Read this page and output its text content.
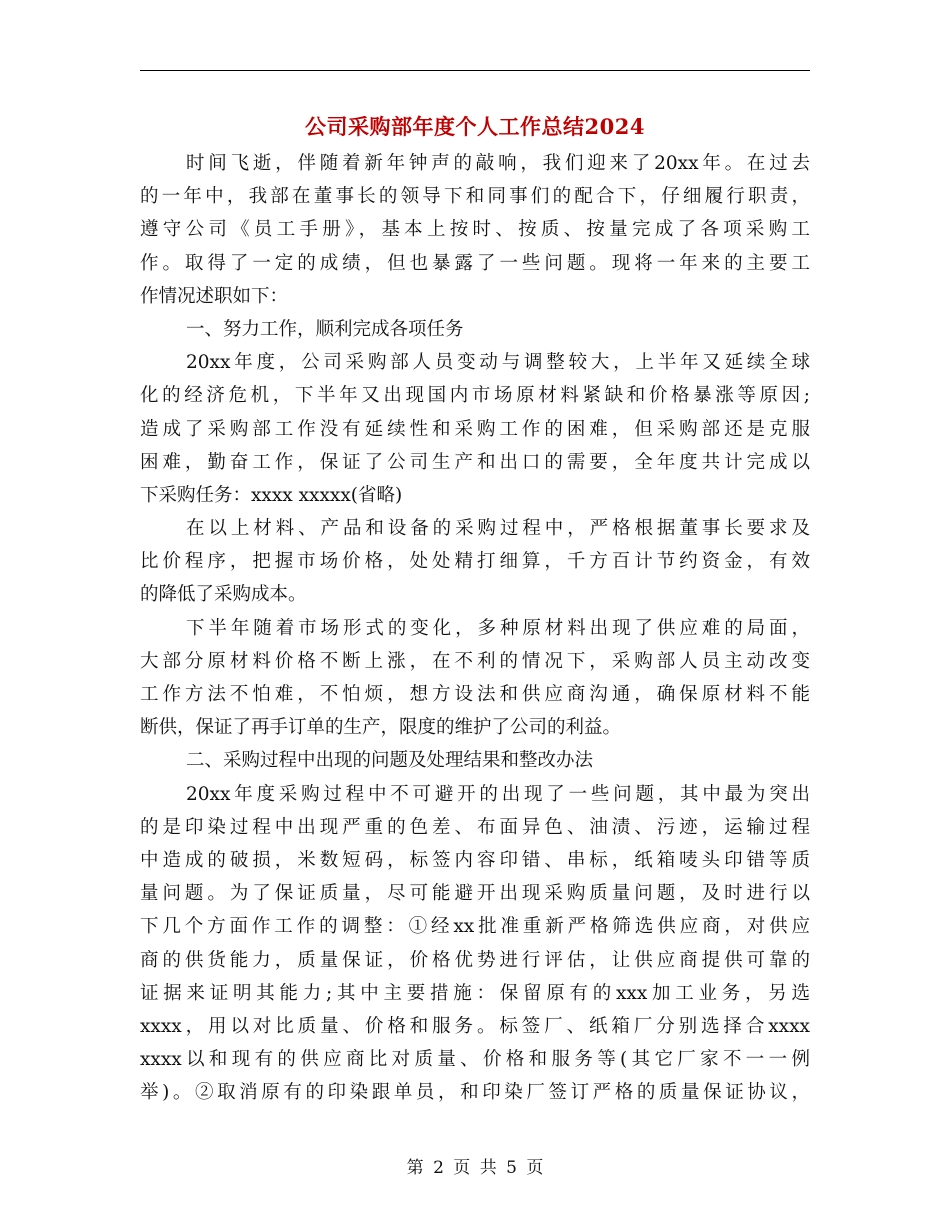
公司采购部年度个人工作总结2024
时间飞逝，伴随着新年钟声的敲响，我们迎来了20xx年。在过去
的一年中，我部在董事长的领导下和同事们的配合下，仔细履行职责，
遵守公司《员工手册》，基本上按时、按质、按量完成了各项采购工
作。取得了一定的成绩，但也暴露了一些问题。现将一年来的主要工
作情况述职如下：
一、努力工作，顺利完成各项任务
20xx年度，公司采购部人员变动与调整较大，上半年又延续全球
化的经济危机，下半年又出现国内市场原材料紧缺和价格暴涨等原因;
造成了采购部工作没有延续性和采购工作的困难，但采购部还是克服
困难，勤奋工作，保证了公司生产和出口的需要，全年度共计完成以
下采购任务：xxxx xxxxx(省略)
在以上材料、产品和设备的采购过程中，严格根据董事长要求及
比价程序，把握市场价格，处处精打细算，千方百计节约资金，有效
的降低了采购成本。
下半年随着市场形式的变化，多种原材料出现了供应难的局面，
大部分原材料价格不断上涨，在不利的情况下，采购部人员主动改变
工作方法不怕难，不怕烦，想方设法和供应商沟通，确保原材料不能
断供，保证了再手订单的生产，限度的维护了公司的利益。
二、采购过程中出现的问题及处理结果和整改办法
20xx年度采购过程中不可避开的出现了一些问题，其中最为突出
的是印染过程中出现严重的色差、布面异色、油渍、污迹，运输过程
中造成的破损，米数短码，标签内容印错、串标，纸箱唛头印错等质
量问题。为了保证质量，尽可能避开出现采购质量问题，及时进行以
下几个方面作工作的调整：①经xx批准重新严格筛选供应商，对供应
商的供货能力，质量保证，价格优势进行评估，让供应商提供可靠的
证据来证明其能力;其中主要措施：保留原有的xxx加工业务，另选
xxxx，用以对比质量、价格和服务。标签厂、纸箱厂分别选择合xxxx
xxxx以和现有的供应商比对质量、价格和服务等(其它厂家不一一例
举)。②取消原有的印染跟单员，和印染厂签订严格的质量保证协议，
第 2 页 共 5 页
